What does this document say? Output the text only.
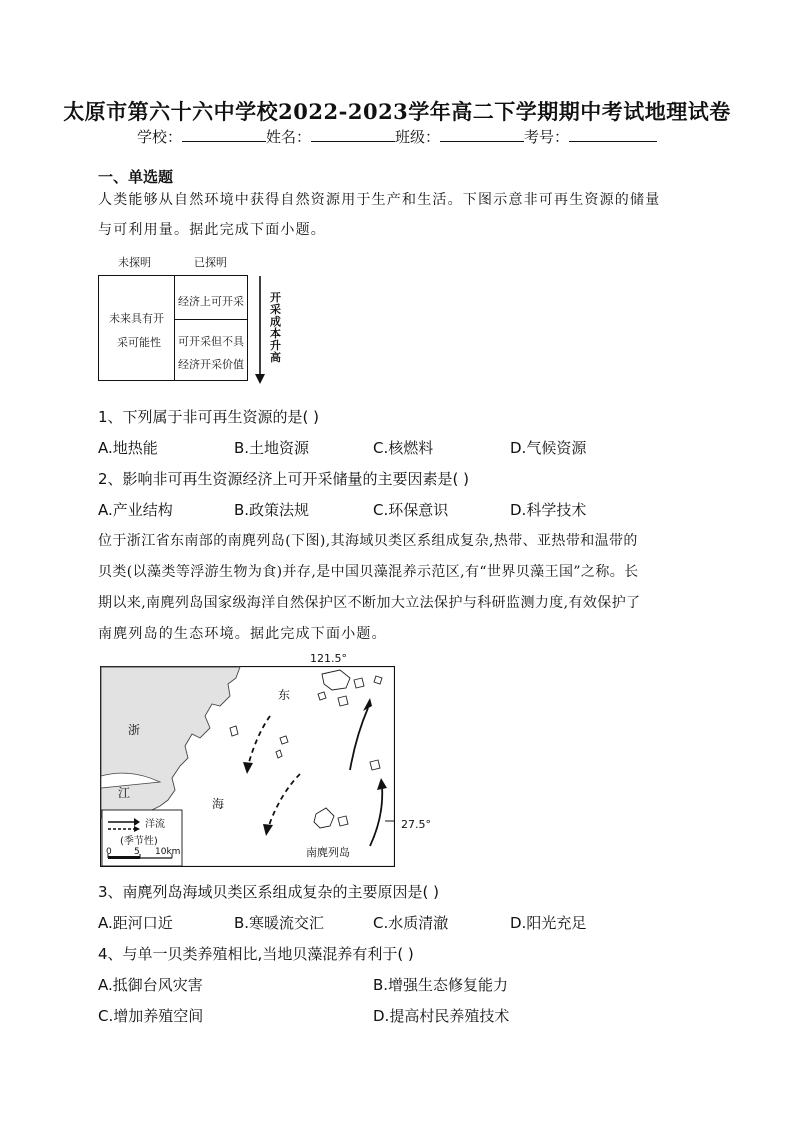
太原市第六十六中学校2022-2023学年高二下学期期中考试地理试卷
学校：	姓名：	班级：	考号：
一、单选题
人类能够从自然环境中获得自然资源用于生产和生活。下图示意非可再生资源的储量
与可利用量。据此完成下面小题。
未探明	已探明
未来具有开
采可能性
经济上可开采
可开采但不具
经济开采价值
开采成本升高
1、下列属于非可再生资源的是( )
A.地热能	B.土地资源	C.核燃料	D.气候资源
2、影响非可再生资源经济上可开采储量的主要因素是( )
A.产业结构	B.政策法规	C.环保意识	D.科学技术
位于浙江省东南部的南麂列岛(下图),其海域贝类区系组成复杂,热带、亚热带和温带的
贝类(以藻类等浮游生物为食)并存,是中国贝藻混养示范区,有“世界贝藻王国”之称。长
期以来,南麂列岛国家级海洋自然保护区不断加大立法保护与科研监测力度,有效保护了
南麂列岛的生态环境。据此完成下面小题。
121.5°
27.5°
浙
江
东
海
南麂列岛
洋流
(季节性)
0 5 10km
3、南麂列岛海域贝类区系组成复杂的主要原因是( )
A.距河口近	B.寒暖流交汇	C.水质清澈	D.阳光充足
4、与单一贝类养殖相比,当地贝藻混养有利于( )
A.抵御台风灾害	B.增强生态修复能力
C.增加养殖空间	D.提高村民养殖技术
